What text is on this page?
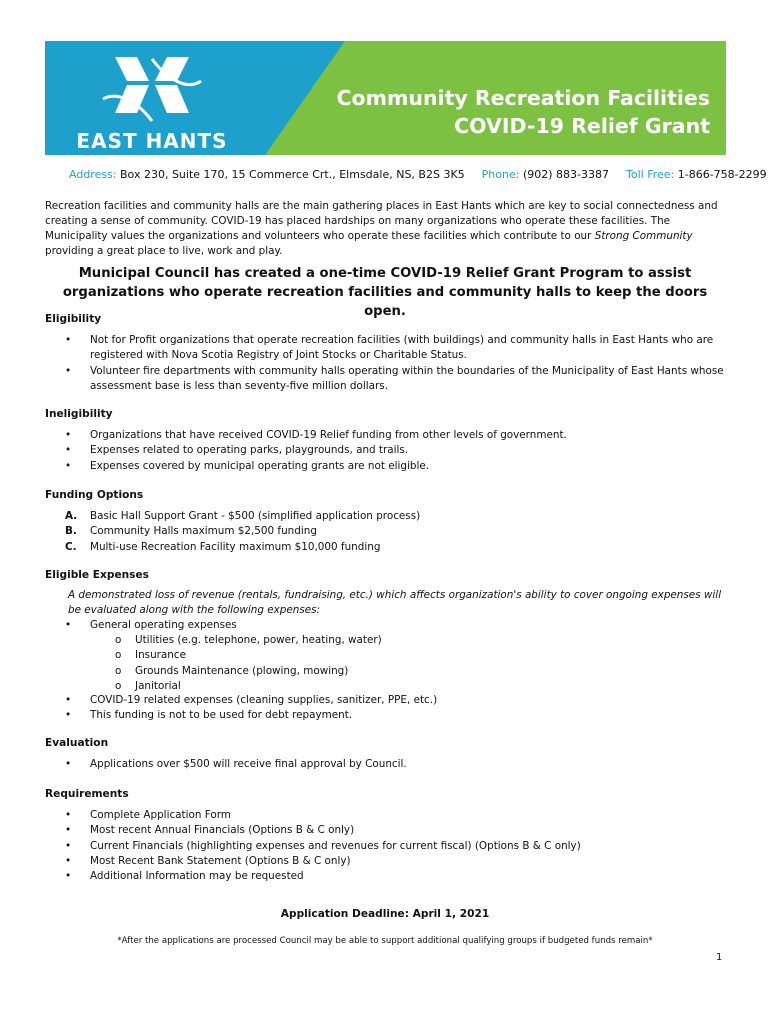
EAST HANTS
Community Recreation Facilities
COVID-19 Relief Grant
Address: Box 230, Suite 170, 15 Commerce Crt., Elmsdale, NS, B2S 3K5 Phone: (902) 883-3387 Toll Free: 1-866-758-2299
Recreation facilities and community halls are the main gathering places in East Hants which are key to social connectedness and creating a sense of community. COVID-19 has placed hardships on many organizations who operate these facilities. The Municipality values the organizations and volunteers who operate these facilities which contribute to our Strong Community providing a great place to live, work and play.
Municipal Council has created a one-time COVID-19 Relief Grant Program to assist organizations who operate recreation facilities and community halls to keep the doors open.
Eligibility
• Not for Profit organizations that operate recreation facilities (with buildings) and community halls in East Hants who are registered with Nova Scotia Registry of Joint Stocks or Charitable Status.
• Volunteer fire departments with community halls operating within the boundaries of the Municipality of East Hants whose assessment base is less than seventy-five million dollars.
Ineligibility
• Organizations that have received COVID-19 Relief funding from other levels of government.
• Expenses related to operating parks, playgrounds, and trails.
• Expenses covered by municipal operating grants are not eligible.
Funding Options
A. Basic Hall Support Grant - $500 (simplified application process)
B. Community Halls maximum $2,500 funding
C. Multi-use Recreation Facility maximum $10,000 funding
Eligible Expenses
A demonstrated loss of revenue (rentals, fundraising, etc.) which affects organization's ability to cover ongoing expenses will be evaluated along with the following expenses:
• General operating expenses
o Utilities (e.g. telephone, power, heating, water)
o Insurance
o Grounds Maintenance (plowing, mowing)
o Janitorial
• COVID-19 related expenses (cleaning supplies, sanitizer, PPE, etc.)
• This funding is not to be used for debt repayment.
Evaluation
• Applications over $500 will receive final approval by Council.
Requirements
• Complete Application Form
• Most recent Annual Financials (Options B & C only)
• Current Financials (highlighting expenses and revenues for current fiscal) (Options B & C only)
• Most Recent Bank Statement (Options B & C only)
• Additional Information may be requested
Application Deadline: April 1, 2021
*After the applications are processed Council may be able to support additional qualifying groups if budgeted funds remain*
1
